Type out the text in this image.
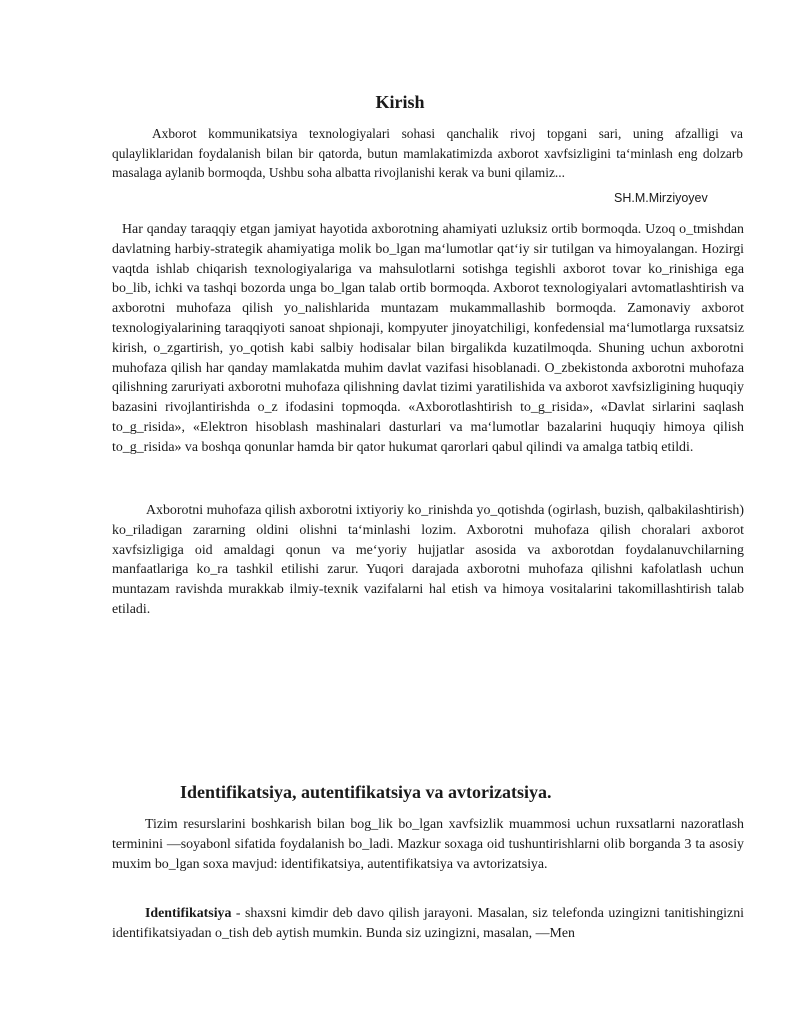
Kirish
Axborot kommunikatsiya texnologiyalari sohasi qanchalik rivoj topgani sari, uning afzalligi va qulayliklaridan foydalanish bilan bir qatorda, butun mamlakatimizda axborot xavfsizligini ta‘minlash eng dolzarb masalaga aylanib bormoqda, Ushbu soha albatta rivojlanishi kerak va buni qilamiz...
SH.M.Mirziyoyev

Har qanday taraqqiy etgan jamiyat hayotida axborotning ahamiyati uzluksiz ortib bormoqda. Uzoq o_tmishdan davlatning harbiy-strategik ahamiyatiga molik bo_lgan ma‘lumotlar qat‘iy sir tutilgan va himoyalangan. Hozirgi vaqtda ishlab chiqarish texnologiyalariga va mahsulotlarni sotishga tegishli axborot tovar ko_rinishiga ega bo_lib, ichki va tashqi bozorda unga bo_lgan talab ortib bormoqda. Axborot texnologiyalari avtomatlashtirish va axborotni muhofaza qilish yo_nalishlarida muntazam mukammallashib bormoqda. Zamonaviy axborot texnologiyalarining taraqqiyoti sanoat shpionaji, kompyuter jinoyatchiligi, konfedensial ma‘lumotlarga ruxsatsiz kirish, o_zgartirish, yo_qotish kabi salbiy hodisalar bilan birgalikda kuzatilmoqda. Shuning uchun axborotni muhofaza qilish har qanday mamlakatda muhim davlat vazifasi hisoblanadi. O_zbekistonda axborotni muhofaza qilishning zaruriyati axborotni muhofaza qilishning davlat tizimi yaratilishida va axborot xavfsizligining huquqiy bazasini rivojlantirishda o_z ifodasini topmoqda. «Axborotlashtirish to_g_risida», «Davlat sirlarini saqlash to_g_risida», «Elektron hisoblash mashinalari dasturlari va ma‘lumotlar bazalarini huquqiy himoya qilish to_g_risida» va boshqa qonunlar hamda bir qator hukumat qarorlari qabul qilindi va amalga tatbiq etildi.

Axborotni muhofaza qilish axborotni ixtiyoriy ko_rinishda yo_qotishda (ogirlash, buzish, qalbakilashtirish) ko_riladigan zararning oldini olishni ta‘minlashi lozim. Axborotni muhofaza qilish choralari axborot xavfsizligiga oid amaldagi qonun va me‘yoriy hujjatlar asosida va axborotdan foydalanuvchilarning manfaatlariga ko_ra tashkil etilishi zarur. Yuqori darajada axborotni muhofaza qilishni kafolatlash uchun muntazam ravishda murakkab ilmiy-texnik vazifalarni hal etish va himoya vositalarini takomillashtirish talab etiladi.

Identifikatsiya, autentifikatsiya va avtorizatsiya.

Tizim resurslarini boshkarish bilan bog_lik bo_lgan xavfsizlik muammosi uchun ruxsatlarni nazoratlash terminini ―soyabonl sifatida foydalanish bo_ladi. Mazkur soxaga oid tushuntirishlarni olib borganda 3 ta asosiy muxim bo_lgan soxa mavjud: identifikatsiya, autentifikatsiya va avtorizatsiya.

Identifikatsiya - shaxsni kimdir deb davo qilish jarayoni. Masalan, siz telefonda uzingizni tanitishingizni identifikatsiyadan o_tish deb aytish mumkin. Bunda siz uzingizni, masalan, ―Men
